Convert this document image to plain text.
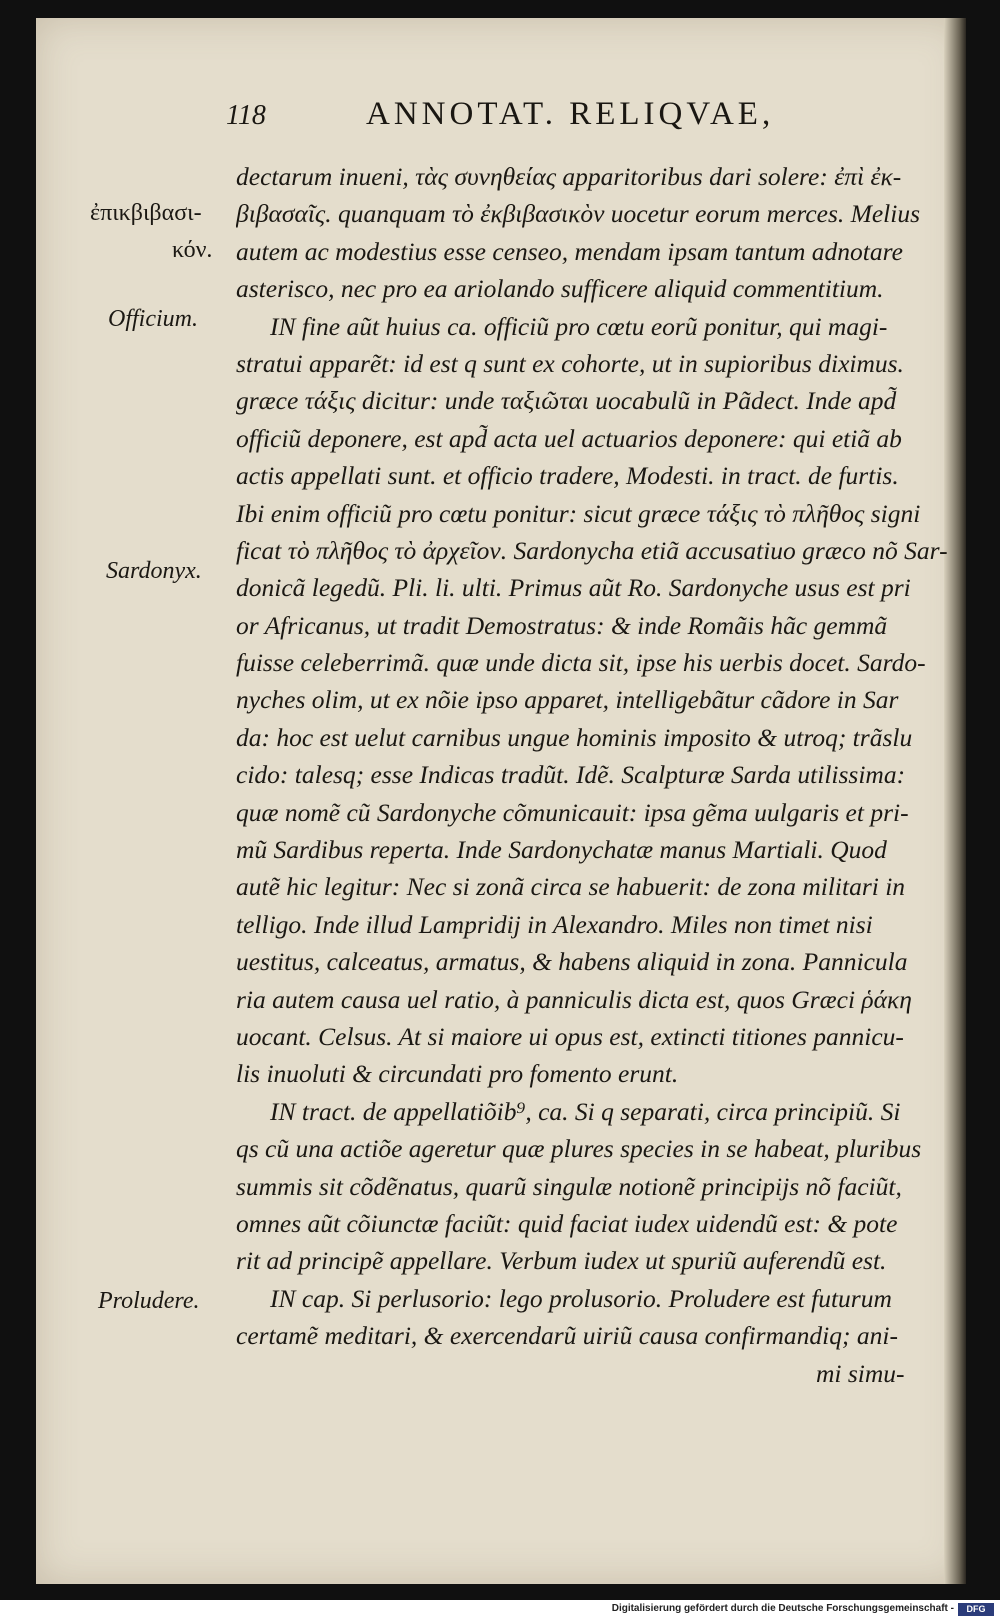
118	ANNOTAT. RELIQVAE,
ἐπικβιβασι-
κόν.
Officium.
Sardonyx.
Proludere.
dectarum inueni, τὰς συνηθείας apparitoribus dari solere: ἐπὶ ἐκ-
βιβασαῖς. quanquam τὸ ἐκβιβασικὸν uocetur eorum merces. Melius
autem ac modestius esse censeo, mendam ipsam tantum adnotare
asterisco, nec pro ea ariolando sufficere aliquid commentitium.
IN fine aũt huius ca. officiũ pro cœtu eorũ ponitur, qui magi-
stratui apparẽt: id est q sunt ex cohorte, ut in supioribus diximus.
græce τάξις dicitur: unde ταξιῶται uocabulũ in Pãdect. Inde apd̃
officiũ deponere, est apd̃ acta uel actuarios deponere: qui etiã ab
actis appellati sunt. et officio tradere, Modesti. in tract. de furtis.
Ibi enim officiũ pro cœtu ponitur: sicut græce τάξις τὸ πλῆθος signi
ficat τὸ πλῆθος τὸ ἀρχεῖον. Sardonycha etiã accusatiuo græco nõ Sar-
donicã legedũ. Pli. li. ulti. Primus aũt Ro. Sardonyche usus est pri
or Africanus, ut tradit Demostratus: & inde Romãis hãc gemmã
fuisse celeberrimã. quæ unde dicta sit, ipse his uerbis docet. Sardo-
nyches olim, ut ex nõie ipso apparet, intelligebãtur cãdore in Sar
da: hoc est uelut carnibus ungue hominis imposito & utroq; trãslu
cido: talesq; esse Indicas tradũt. Idẽ. Scalpturæ Sarda utilissima:
quæ nomẽ cũ Sardonyche cõmunicauit: ipsa gẽma uulgaris et pri-
mũ Sardibus reperta. Inde Sardonychatæ manus Martiali. Quod
autẽ hic legitur: Nec si zonã circa se habuerit: de zona militari in
telligo. Inde illud Lampridij in Alexandro. Miles non timet nisi
uestitus, calceatus, armatus, & habens aliquid in zona. Pannicula
ria autem causa uel ratio, à panniculis dicta est, quos Græci ῥάκη
uocant. Celsus. At si maiore ui opus est, extincti titiones pannicu-
lis inuoluti & circundati pro fomento erunt.
IN tract. de appellatiõib⁹, ca. Si q separati, circa principiũ. Si
qs cũ una actiõe ageretur quæ plures species in se habeat, pluribus
summis sit cõdẽnatus, quarũ singulæ notionẽ principijs nõ faciũt,
omnes aũt cõiunctæ faciũt: quid faciat iudex uidendũ est: & pote
rit ad principẽ appellare. Verbum iudex ut spuriũ auferendũ est.
IN cap. Si perlusorio: lego prolusorio. Proludere est futurum
certamẽ meditari, & exercendarũ uiriũ causa confirmandiq; ani-
mi simu-
Digitalisierung gefördert durch die Deutsche Forschungsgemeinschaft -	DFG
